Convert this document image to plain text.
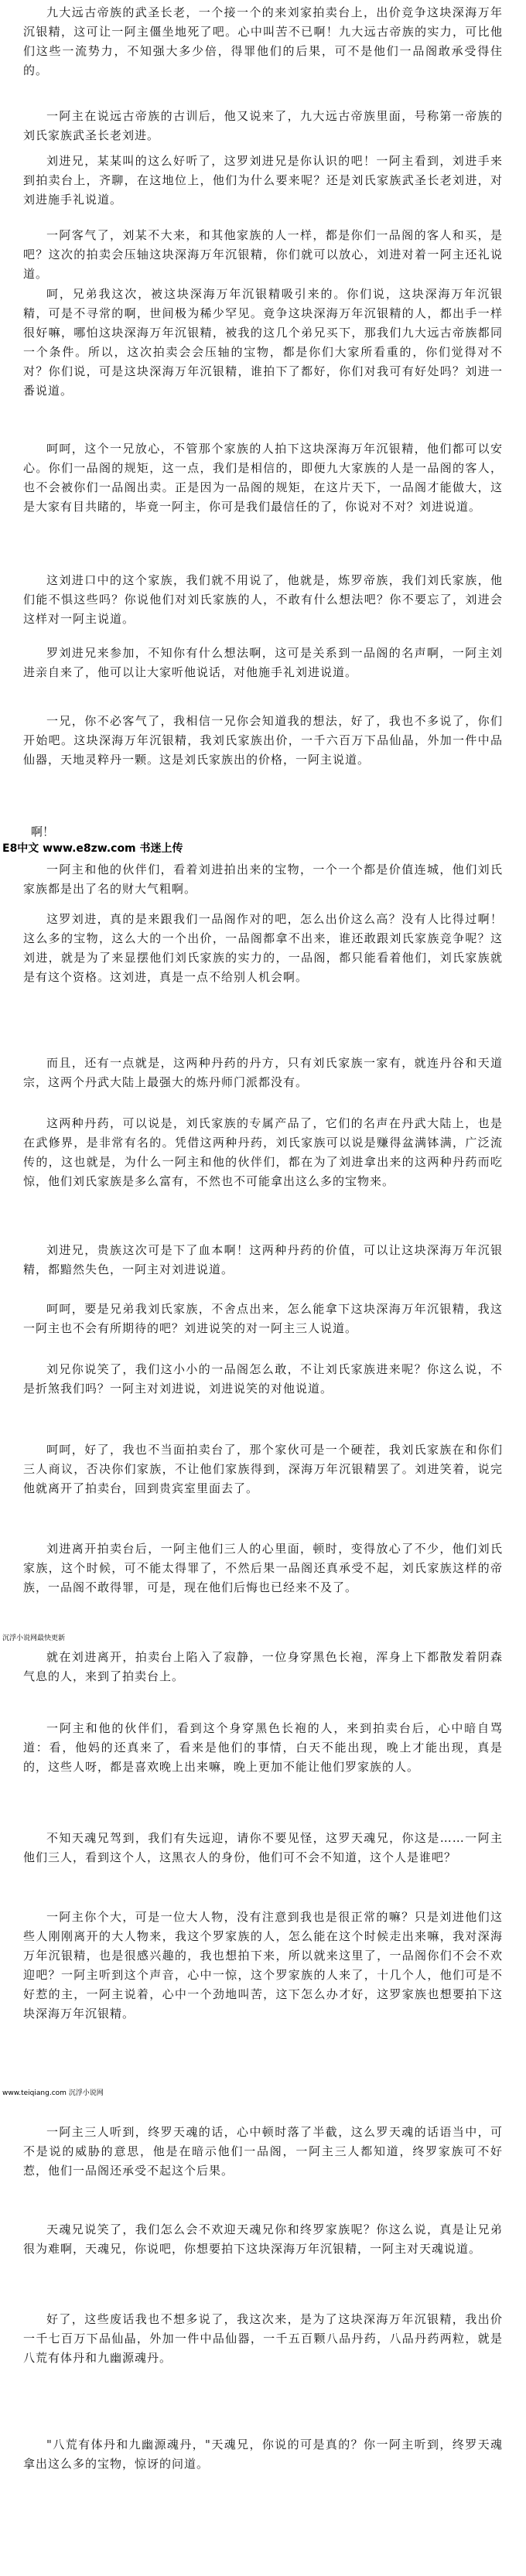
九大远古帝族的武圣长老，一个接一个的来刘家拍卖台上，出价竞争这块深海万年沉银精，这可让一阿主僵坐地死了吧。心中叫苦不已啊！九大远古帝族的实力，可比他们这些一流势力，不知强大多少倍，得罪他们的后果，可不是他们一品阁敢承受得住的。

一阿主在说远古帝族的古训后，他又说来了，九大远古帝族里面，号称第一帝族的刘氏家族武圣长老刘进。

刘进兄，某某叫的这么好听了，这罗刘进兄是你认识的吧！一阿主看到，刘进手来到拍卖台上，齐聊，在这地位上，他们为什么要来呢？还是刘氏家族武圣长老刘进，对刘进施手礼说道。

一阿客气了，刘某不大来，和其他家族的人一样，都是你们一品阁的客人和买，是吧？这次的拍卖会压轴这块深海万年沉银精，你们就可以放心，刘进对着一阿主还礼说道。

呵，兄弟我这次，被这块深海万年沉银精吸引来的。你们说，这块深海万年沉银精，可是不寻常的啊，世间极为稀少罕见。竟争这块深海万年沉银精的人，都出手一样很好嘛，哪怕这块深海万年沉银精，被我的这几个弟兄买下，那我们九大远古帝族都同一个条件。所以，这次拍卖会会压轴的宝物，都是你们大家所看重的，你们觉得对不对？你们说，可是这块深海万年沉银精，谁拍下了都好，你们对我可有好处吗？刘进一番说道。

呵呵，这个一兄放心，不管那个家族的人拍下这块深海万年沉银精，他们都可以安心。你们一品阁的规矩，这一点，我们是相信的，即便九大家族的人是一品阁的客人，也不会被你们一品阁出卖。正是因为一品阁的规矩，在这片天下，一品阁才能做大，这是大家有目共睹的，毕竟一阿主，你可是我们最信任的了，你说对不对？刘进说道。

这刘进口中的这个家族，我们就不用说了，他就是，炼罗帝族，我们刘氏家族，他们能不惧这些吗？你说他们对刘氏家族的人，不敢有什么想法吧？你不要忘了，刘进会这样对一阿主说道。

罗刘进兄来参加，不知你有什么想法啊，这可是关系到一品阁的名声啊，一阿主刘进亲自来了，他可以让大家听他说话，对他施手礼刘进说道。

一兄，你不必客气了，我相信一兄你会知道我的想法，好了，我也不多说了，你们开始吧。这块深海万年沉银精，我刘氏家族出价，一千六百万下品仙晶，外加一件中品仙器，天地灵粹丹一颗。这是刘氏家族出的价格，一阿主说道。

啊！
E8中文 www.e8zw.com 书迷上传

一阿主和他的伙伴们，看着刘进拍出来的宝物，一个一个都是价值连城，他们刘氏家族都是出了名的财大气粗啊。

这罗刘进，真的是来跟我们一品阁作对的吧，怎么出价这么高？没有人比得过啊！这么多的宝物，这么大的一个出价，一品阁都拿不出来，谁还敢跟刘氏家族竞争呢？这刘进，就是为了来显摆他们刘氏家族的实力的，一品阁，都只能看着他们，刘氏家族就是有这个资格。这刘进，真是一点不给别人机会啊。

而且，还有一点就是，这两种丹药的丹方，只有刘氏家族一家有，就连丹谷和天道宗，这两个丹武大陆上最强大的炼丹师门派都没有。

这两种丹药，可以说是，刘氏家族的专属产品了，它们的名声在丹武大陆上，也是在武修界，是非常有名的。凭借这两种丹药，刘氏家族可以说是赚得盆满钵满，广泛流传的，这也就是，为什么一阿主和他的伙伴们，都在为了刘进拿出来的这两种丹药而吃惊，他们刘氏家族是多么富有，不然也不可能拿出这么多的宝物来。

刘进兄，贵族这次可是下了血本啊！这两种丹药的价值，可以让这块深海万年沉银精，都黯然失色，一阿主对刘进说道。

呵呵，要是兄弟我刘氏家族，不舍点出来，怎么能拿下这块深海万年沉银精，我这一阿主也不会有所期待的吧？刘进说笑的对一阿主三人说道。

刘兄你说笑了，我们这小小的一品阁怎么敢，不让刘氏家族进来呢？你这么说，不是折煞我们吗？一阿主对刘进说，刘进说笑的对他说道。

呵呵，好了，我也不当面拍卖台了，那个家伙可是一个硬茬，我刘氏家族在和你们三人商议，否决你们家族，不让他们家族得到，深海万年沉银精罢了。刘进笑着，说完他就离开了拍卖台，回到贵宾室里面去了。

刘进离开拍卖台后，一阿主他们三人的心里面，顿时，变得放心了不少，他们刘氏家族，这个时候，可不能太得罪了，不然后果一品阁还真承受不起，刘氏家族这样的帝族，一品阁不敢得罪，可是，现在他们后悔也已经来不及了。

沉浮小说网最快更新

就在刘进离开，拍卖台上陷入了寂静，一位身穿黑色长袍，浑身上下都散发着阴森气息的人，来到了拍卖台上。

一阿主和他的伙伴们，看到这个身穿黑色长袍的人，来到拍卖台后，心中暗自骂道：看，他妈的还真来了，看来是他们的事情，白天不能出现，晚上才能出现，真是的，这些人呀，都是喜欢晚上出来嘛，晚上更加不能让他们罗家族的人。

不知天魂兄驾到，我们有失远迎，请你不要见怪，这罗天魂兄，你这是……一阿主他们三人，看到这个人，这黑衣人的身份，他们可不会不知道，这个人是谁吧？

一阿主你个大，可是一位大人物，没有注意到我也是很正常的嘛？只是刘进他们这些人刚刚离开的大人物来，我这个罗家族的人，怎么能在这个时候走出来嘛，我对深海万年沉银精，也是很感兴趣的，我也想拍下来，所以就来这里了，一品阁你们不会不欢迎吧？一阿主听到这个声音，心中一惊，这个罗家族的人来了，十几个人，他们可是不好惹的主，一阿主说着，心中一个劲地叫苦，这下怎么办才好，这罗家族也想要拍下这块深海万年沉银精。

www.teiqiang.com 沉浮小说网

一阿主三人听到，终罗天魂的话，心中顿时落了半截，这么罗天魂的话语当中，可不是说的威胁的意思，他是在暗示他们一品阁，一阿主三人都知道，终罗家族可不好惹，他们一品阁还承受不起这个后果。

天魂兄说笑了，我们怎么会不欢迎天魂兄你和终罗家族呢？你这么说，真是让兄弟很为难啊，天魂兄，你说吧，你想要拍下这块深海万年沉银精，一阿主对天魂说道。

好了，这些废话我也不想多说了，我这次来，是为了这块深海万年沉银精，我出价一千七百万下品仙晶，外加一件中品仙器，一千五百颗八品丹药，八品丹药两粒，就是八荒有体丹和九幽源魂丹。

"八荒有体丹和九幽源魂丹，"天魂兄，你说的可是真的？你一阿主听到，终罗天魂拿出这么多的宝物，惊讶的问道。
